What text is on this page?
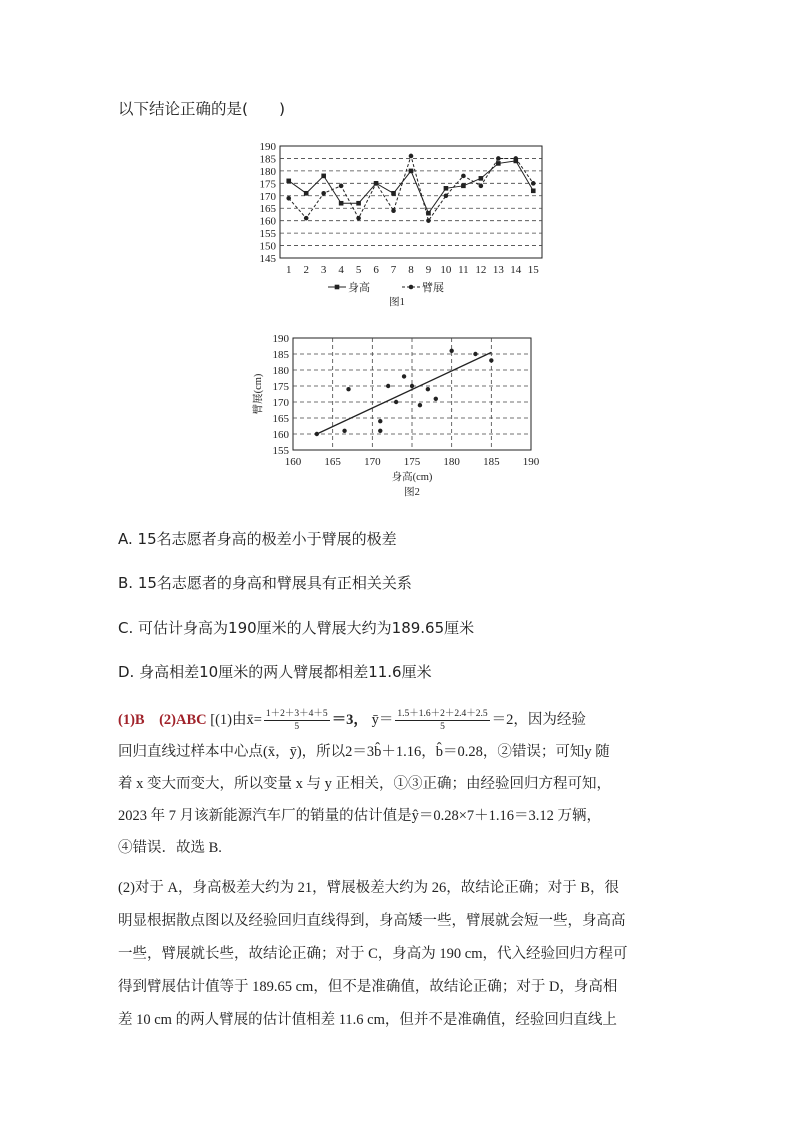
以下结论正确的是(　　)
190
185
180
175
170
165
160
155
150
145
1 2 3 4 5 6 7 8 9 10 11 12 13 14 15
身高	臂展
图1
190
185
180
175
170
165
160
155
160 165 170 175 180 185 190
身高(cm)
臂展(cm)
图2
A. 15名志愿者身高的极差小于臂展的极差
B. 15名志愿者的身高和臂展具有正相关关系
C. 可估计身高为190厘米的人臂展大约为189.65厘米
D. 身高相差10厘米的两人臂展都相差11.6厘米
(1)B　(2)ABC [(1)由x̄= $\frac{1+2+3+4+5}{5} =3$， ȳ＝ $\frac{1.5+1.6+2+2.4+2.5}{5} =2$，因为经验
回归直线过样本中心点(x̄，ȳ)，所以2＝3b̂＋1.16，b̂＝0.28，②错误；可知y 随
着 x 变大而变大，所以变量 x 与 y 正相关，①③正确；由经验回归方程可知，
2023 年 7 月该新能源汽车厂的销量的估计值是ŷ＝0.28×7＋1.16＝3.12 万辆，
④错误．故选 B.
(2)对于 A，身高极差大约为 21，臂展极差大约为 26，故结论正确；对于 B，很
明显根据散点图以及经验回归直线得到，身高矮一些，臂展就会短一些，身高高
一些，臂展就长些，故结论正确；对于 C，身高为 190 cm，代入经验回归方程可
得到臂展估计值等于 189.65 cm，但不是准确值，故结论正确；对于 D，身高相
差 10 cm 的两人臂展的估计值相差 11.6 cm，但并不是准确值，经验回归直线上
